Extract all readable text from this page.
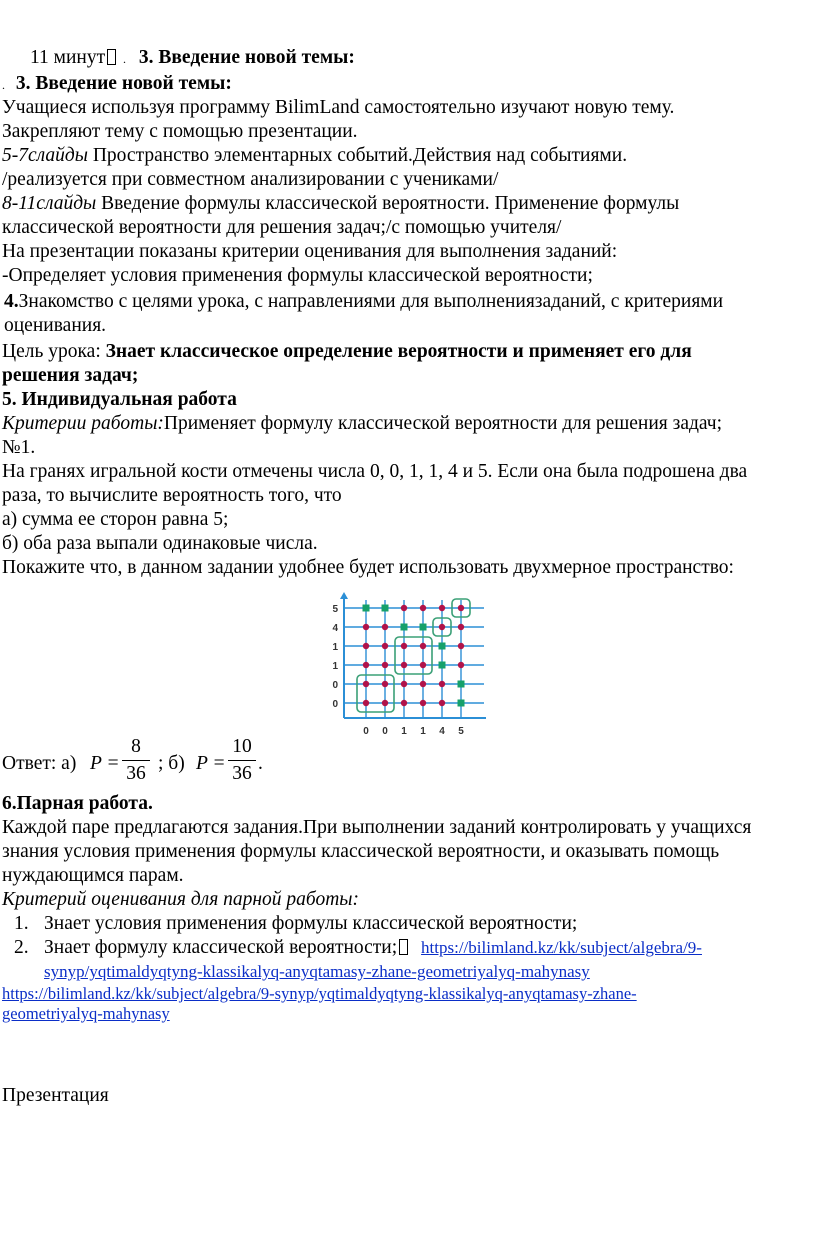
11 минут . 3. Введение новой темы:
. 3. Введение новой темы:
Учащиеся используя программу BilimLand самостоятельно изучают новую тему.
Закрепляют тему с помощью презентации.
5-7слайды Пространство элементарных событий.Действия над событиями.
/реализуется при совместном анализировании с учениками/
8-11слайды Введение формулы классической вероятности. Применение формулы
классической вероятности для решения задач;/с помощью учителя/
На презентации показаны критерии оценивания для выполнения заданий:
-Определяет условия применения формулы классической вероятности;
4.Знакомство с целями урока, с направлениями для выполнениязаданий, с критериями
оценивания.
Цель урока: Знает классическое определение вероятности и применяет его для
решения задач;
5. Индивидуальная работа
Критерии работы:Применяет формулу классической вероятности для решения задач;
№1.
На гранях игральной кости отмечены числа 0, 0, 1, 1, 4 и 5. Если она была подрошена два
раза, то вычислите вероятность того, что
а) сумма ее сторон равна 5;
б) оба раза выпали одинаковые числа.
Покажите что, в данном задании удобнее будет использовать двухмерное пространство:
0 0 1 1 4 5
0
0
1
1
4
5
Ответ: а) P =
8
36 ; б) P =
10
36 .
6.Парная работа.
Каждой паре предлагаются задания.При выполнении заданий контролировать у учащихся
знания условия применения формулы классической вероятности, и оказывать помощь
нуждающимся парам.
Критерий оценивания для парной работы:
1. Знает условия применения формулы классической вероятности;
2. Знает формулу классической вероятности; https://bilimland.kz/kk/subject/algebra/9-
synyp/yqtimaldyqtyng-klassikalyq-anyqtamasy-zhane-geometriyalyq-mahynasy
https://bilimland.kz/kk/subject/algebra/9-synyp/yqtimaldyqtyng-klassikalyq-anyqtamasy-zhane-
geometriyalyq-mahynasy
Презентация
